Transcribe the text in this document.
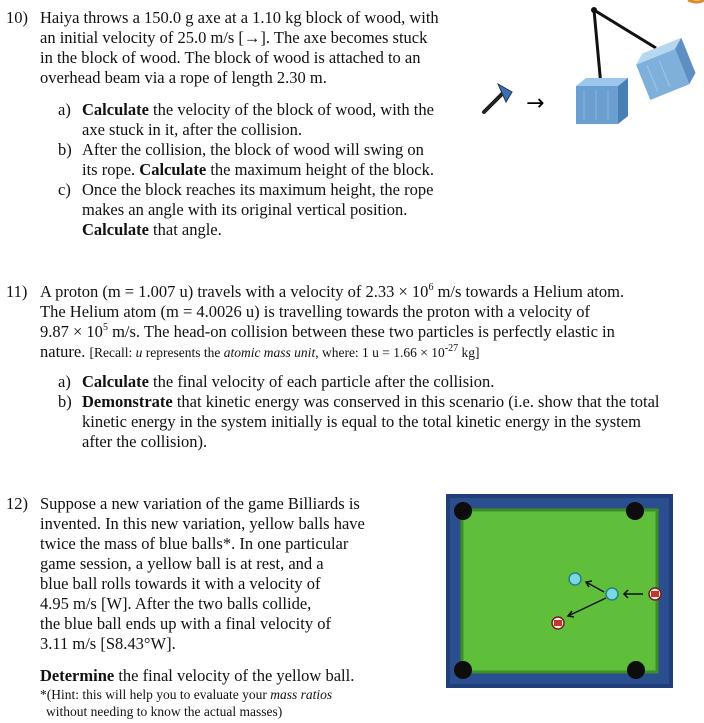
10) Haiya throws a 150.0 g axe at a 1.10 kg block of wood, with
an initial velocity of 25.0 m/s [→]. The axe becomes stuck
in the block of wood. The block of wood is attached to an
overhead beam via a rope of length 2.30 m.
a) Calculate the velocity of the block of wood, with the
axe stuck in it, after the collision.
b) After the collision, the block of wood will swing on
its rope. Calculate the maximum height of the block.
c) Once the block reaches its maximum height, the rope
makes an angle with its original vertical position.
Calculate that angle.
→
11) A proton (m = 1.007 u) travels with a velocity of $2.33 \times 10^6$ m/s towards a Helium atom.
The Helium atom (m = 4.0026 u) is travelling towards the proton with a velocity of
$9.87 \times 10^5$ m/s. The head-on collision between these two particles is perfectly elastic in
nature. [Recall: u represents the atomic mass unit, where: 1 $u = 1.66 \times 10^{-27}$ kg]
a) Calculate the final velocity of each particle after the collision.
b) Demonstrate that kinetic energy was conserved in this scenario (i.e. show that the total
kinetic energy in the system initially is equal to the total kinetic energy in the system
after the collision).
12) Suppose a new variation of the game Billiards is
invented. In this new variation, yellow balls have
twice the mass of blue balls*. In one particular
game session, a yellow ball is at rest, and a
blue ball rolls towards it with a velocity of
4.95 m/s [W]. After the two balls collide,
the blue ball ends up with a final velocity of
3.11 m/s [S8.43°W].
Determine the final velocity of the yellow ball.
*(Hint: this will help you to evaluate your mass ratios
without needing to know the actual masses)
